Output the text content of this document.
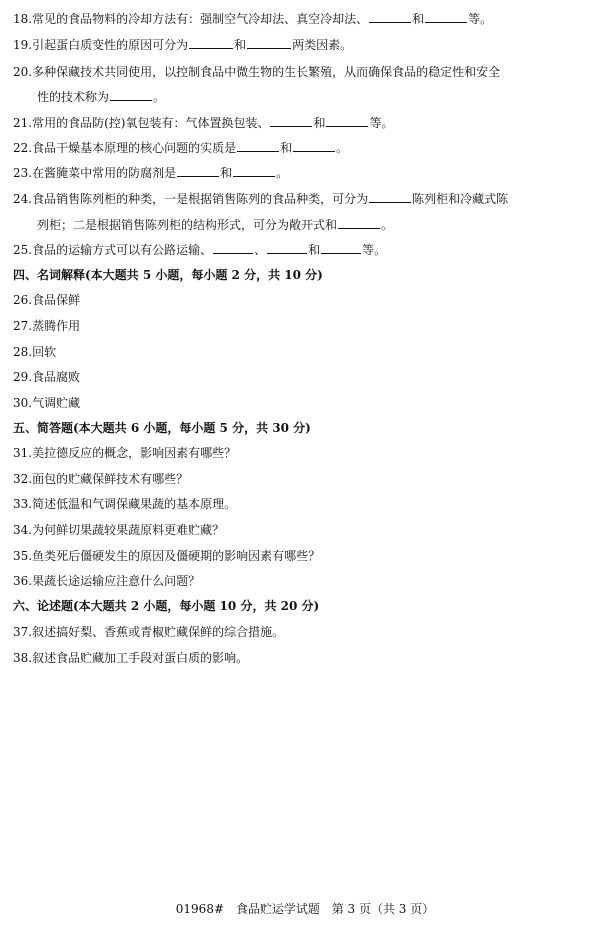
18.常见的食品物料的冷却方法有：强制空气冷却法、真空冷却法、	和	等。
19.引起蛋白质变性的原因可分为	和	两类因素。
20.多种保藏技术共同使用，以控制食品中微生物的生长繁殖，从而确保食品的稳定性和安全
性的技术称为	。
21.常用的食品防(控)氧包装有：气体置换包装、	和	等。
22.食品干燥基本原理的核心问题的实质是	和	。
23.在酱腌菜中常用的防腐剂是	和	。
24.食品销售陈列柜的种类，一是根据销售陈列的食品种类，可分为	陈列柜和冷藏式陈
列柜；二是根据销售陈列柜的结构形式，可分为敞开式和	。
25.食品的运输方式可以有公路运输、	、	和	等。
四、名词解释(本大题共 5 小题，每小题 2 分，共 10 分)
26.食品保鲜
27.蒸腾作用
28.回软
29.食品腐败
30.气调贮藏
五、简答题(本大题共 6 小题，每小题 5 分，共 30 分)
31.美拉德反应的概念，影响因素有哪些？
32.面包的贮藏保鲜技术有哪些？
33.简述低温和气调保藏果蔬的基本原理。
34.为何鲜切果蔬较果蔬原料更难贮藏？
35.鱼类死后僵硬发生的原因及僵硬期的影响因素有哪些？
36.果蔬长途运输应注意什么问题？
六、论述题(本大题共 2 小题，每小题 10 分，共 20 分)
37.叙述搞好梨、香蕉或青椒贮藏保鲜的综合措施。
38.叙述食品贮藏加工手段对蛋白质的影响。
01968# 食品贮运学试题 第 3 页（共 3 页）
